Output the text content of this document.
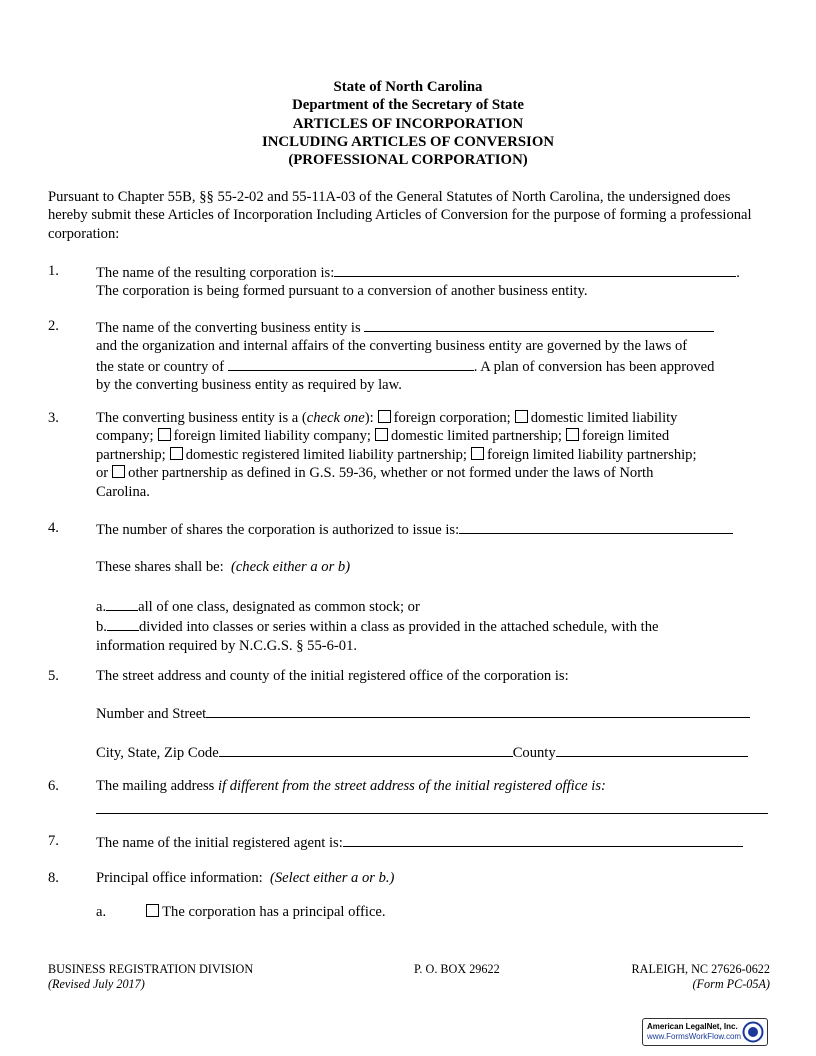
State of North Carolina
Department of the Secretary of State
ARTICLES OF INCORPORATION
INCLUDING ARTICLES OF CONVERSION
(PROFESSIONAL CORPORATION)
Pursuant to Chapter 55B, §§ 55-2-02 and 55-11A-03 of the General Statutes of North Carolina, the undersigned does hereby submit these Articles of Incorporation Including Articles of Conversion for the purpose of forming a professional corporation:
1.	The name of the resulting corporation is:	.
The corporation is being formed pursuant to a conversion of another business entity.
2.	The name of the converting business entity is
and the organization and internal affairs of the converting business entity are governed by the laws of
the state or country of	. A plan of conversion has been approved
by the converting business entity as required by law.
3.	The converting business entity is a (check one): foreign corporation; domestic limited liability
company; foreign limited liability company; domestic limited partnership; foreign limited
partnership; domestic registered limited liability partnership; foreign limited liability partnership;
or other partnership as defined in G.S. 59-36, whether or not formed under the laws of North
Carolina.
4.	The number of shares the corporation is authorized to issue is:
These shares shall be: (check either a or b)
a. all of one class, designated as common stock; or
b. divided into classes or series within a class as provided in the attached schedule, with the
information required by N.C.G.S. § 55-6-01.
5.	The street address and county of the initial registered office of the corporation is:
Number and Street
City, State, Zip Code	County
6.	The mailing address if different from the street address of the initial registered office is:
7.	The name of the initial registered agent is:
8.	Principal office information: (Select either a or b.)
a.	The corporation has a principal office.
BUSINESS REGISTRATION DIVISION	P. O. BOX 29622	RALEIGH, NC 27626-0622
(Revised July 2017)	(Form PC-05A)
American LegalNet, Inc.
www.FormsWorkFlow.com
